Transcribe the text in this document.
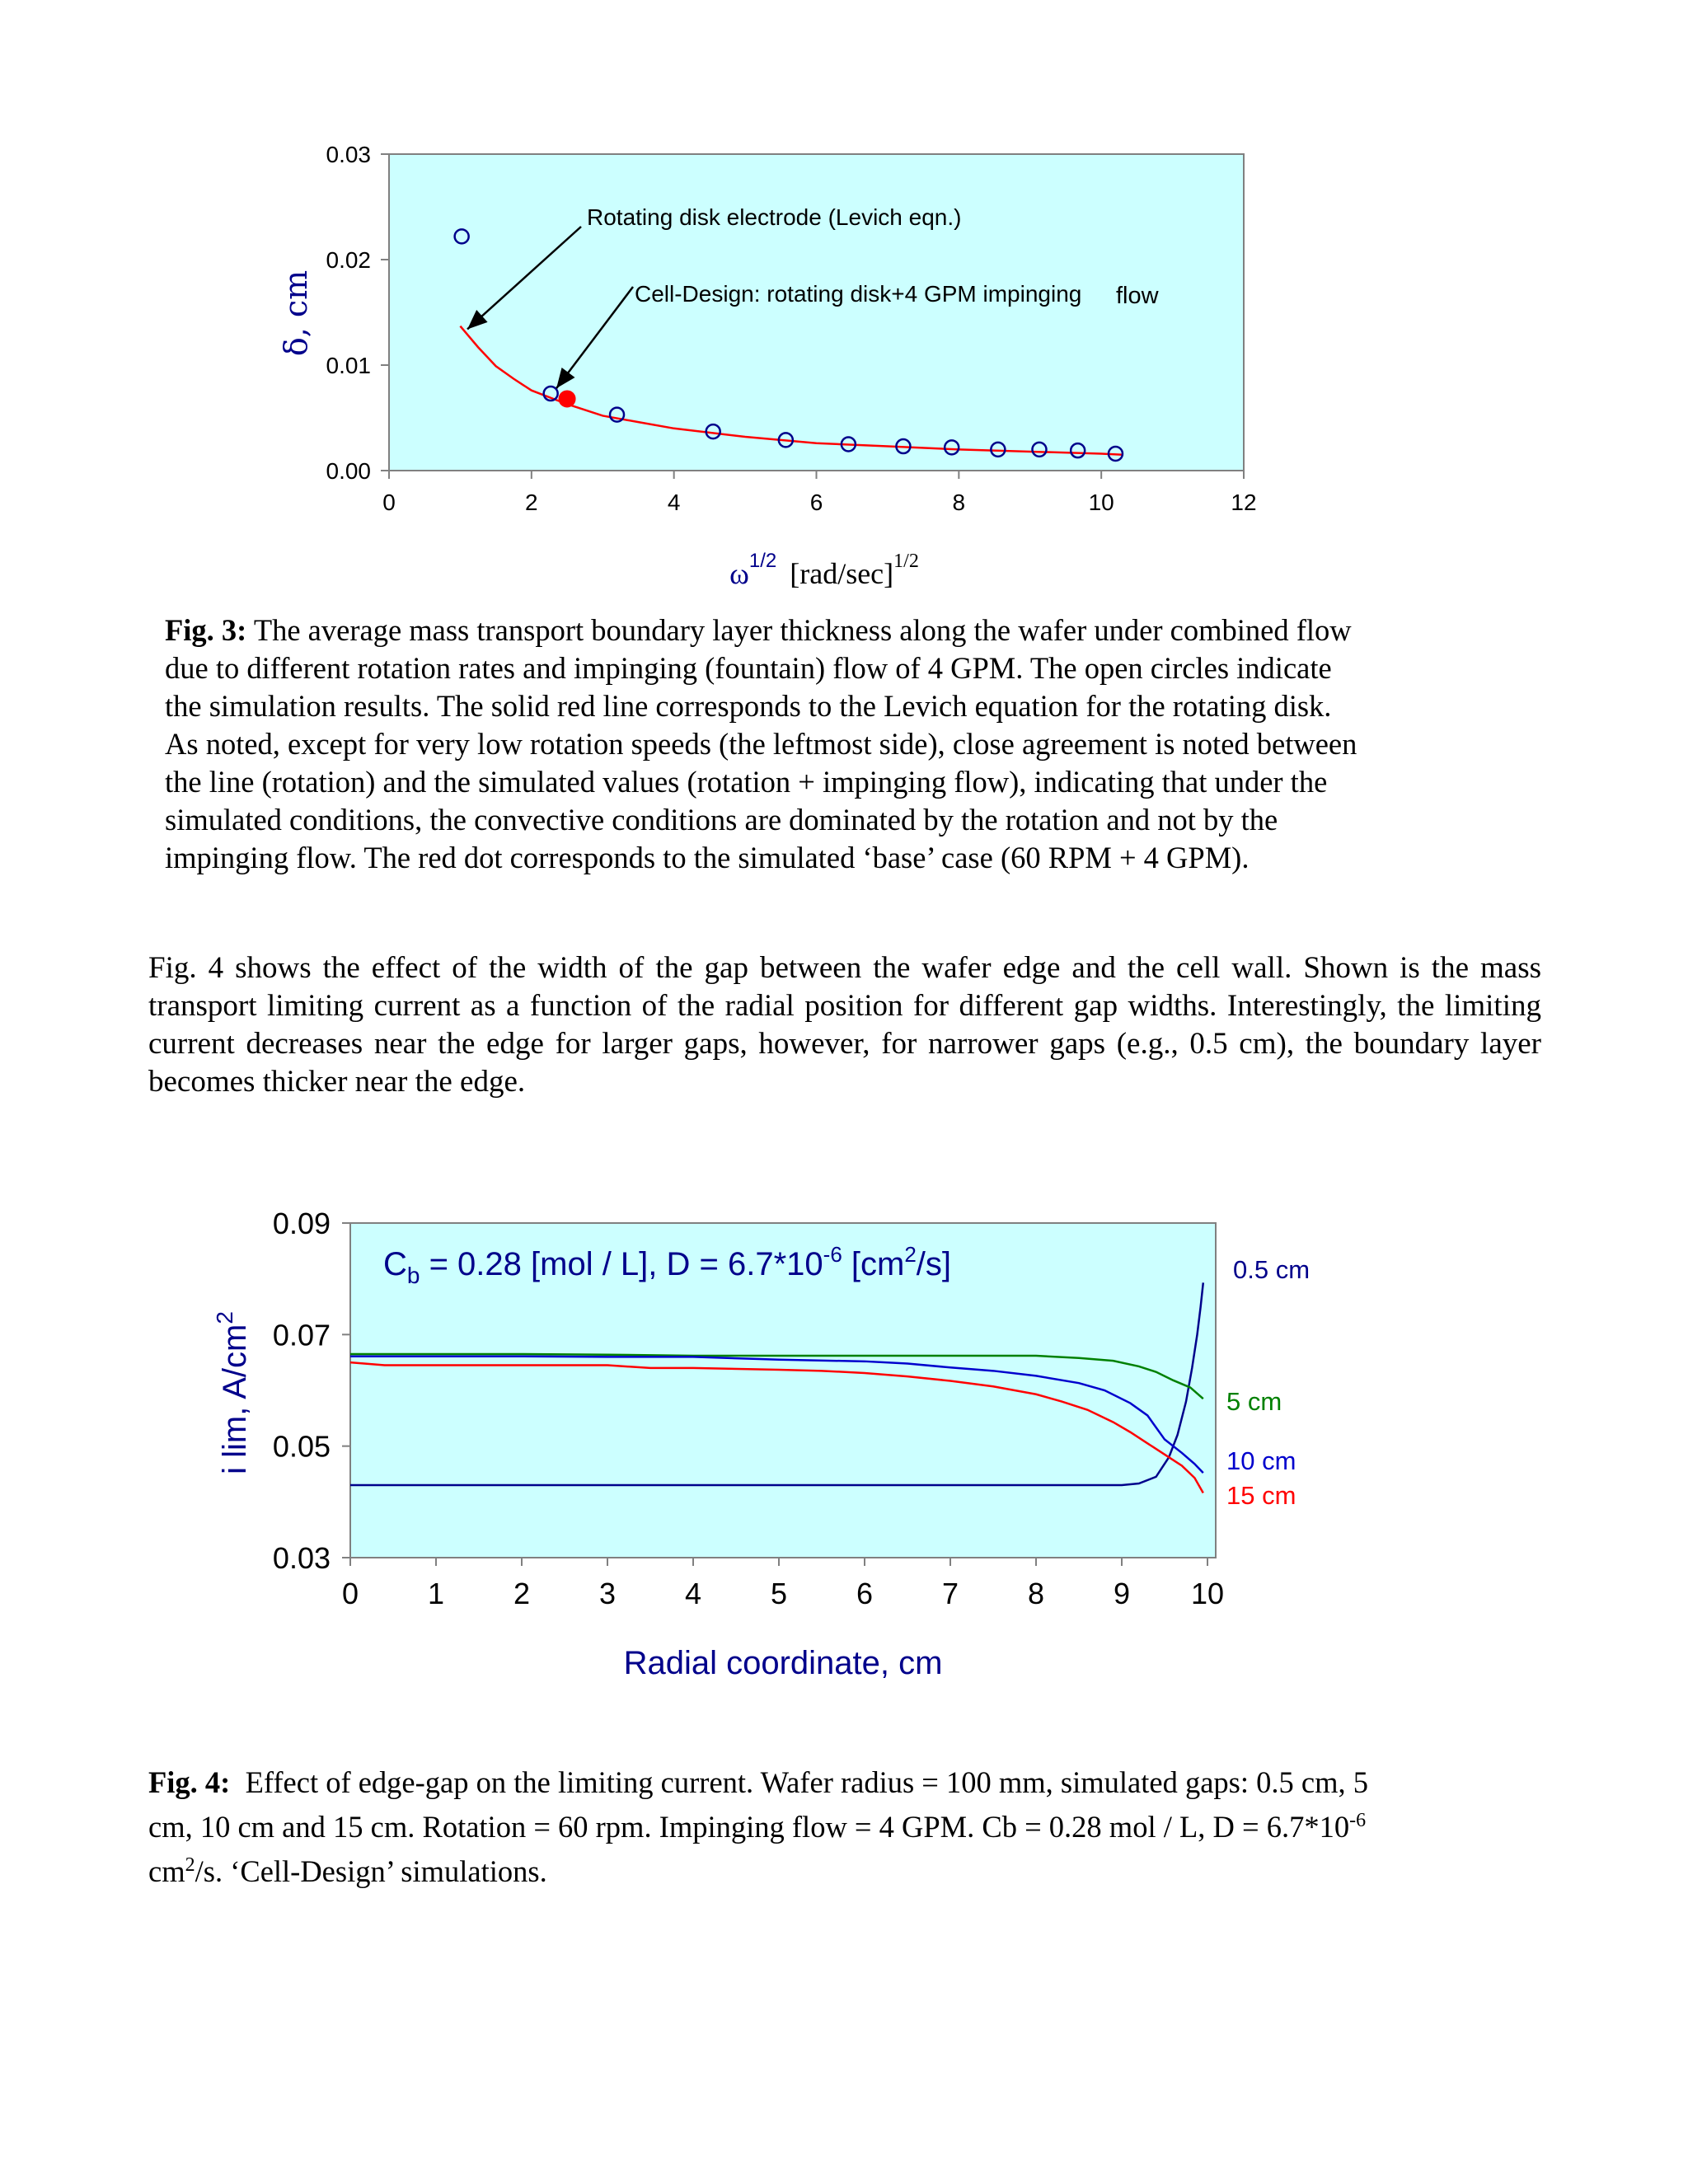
0.00
0.01
0.02
0.03
0	2	4	6	8	10	12
δ, cm
$\omega^{1/2}$ $[rad/\sec]^{1/2}$
Rotating disk electrode (Levich eqn.)
Cell-Design: rotating disk+4 GPM impinging flow

Fig. 3: The average mass transport boundary layer thickness along the wafer under combined flow
due to different rotation rates and impinging (fountain) flow of 4 GPM. The open circles indicate
the simulation results. The solid red line corresponds to the Levich equation for the rotating disk.
As noted, except for very low rotation speeds (the leftmost side), close agreement is noted between
the line (rotation) and the simulated values (rotation + impinging flow), indicating that under the
simulated conditions, the convective conditions are dominated by the rotation and not by the
impinging flow. The red dot corresponds to the simulated ‘base’ case (60 RPM + 4 GPM).

Fig. 4 shows the effect of the width of the gap between the wafer edge and the cell wall. Shown is the mass transport limiting current as a function of the radial position for different gap widths. Interestingly, the limiting current decreases near the edge for larger gaps, however, for narrower gaps (e.g., 0.5 cm), the boundary layer becomes thicker near the edge.

0.03
0.05
0.07
0.09
0 1 2 3 4 5 6 7 8 9 10
$C_b = 0.28$ [mol / L], $D = 6.7*10^{-6}$ $[cm^2/s]$
i lim, $A/cm^2$
Radial coordinate, cm
0.5 cm
5 cm
10 cm
15 cm
Fig. 4:  Effect of edge-gap on the limiting current. Wafer radius = 100 mm, simulated gaps: 0.5 cm, 5
cm, 10 cm and 15 cm. Rotation = 60 rpm. Impinging flow = 4 GPM. Cb = 0.28 mol / L, $D = 6.7*10^{-6}$
$cm^2/s$. ‘Cell-Design’ simulations.
